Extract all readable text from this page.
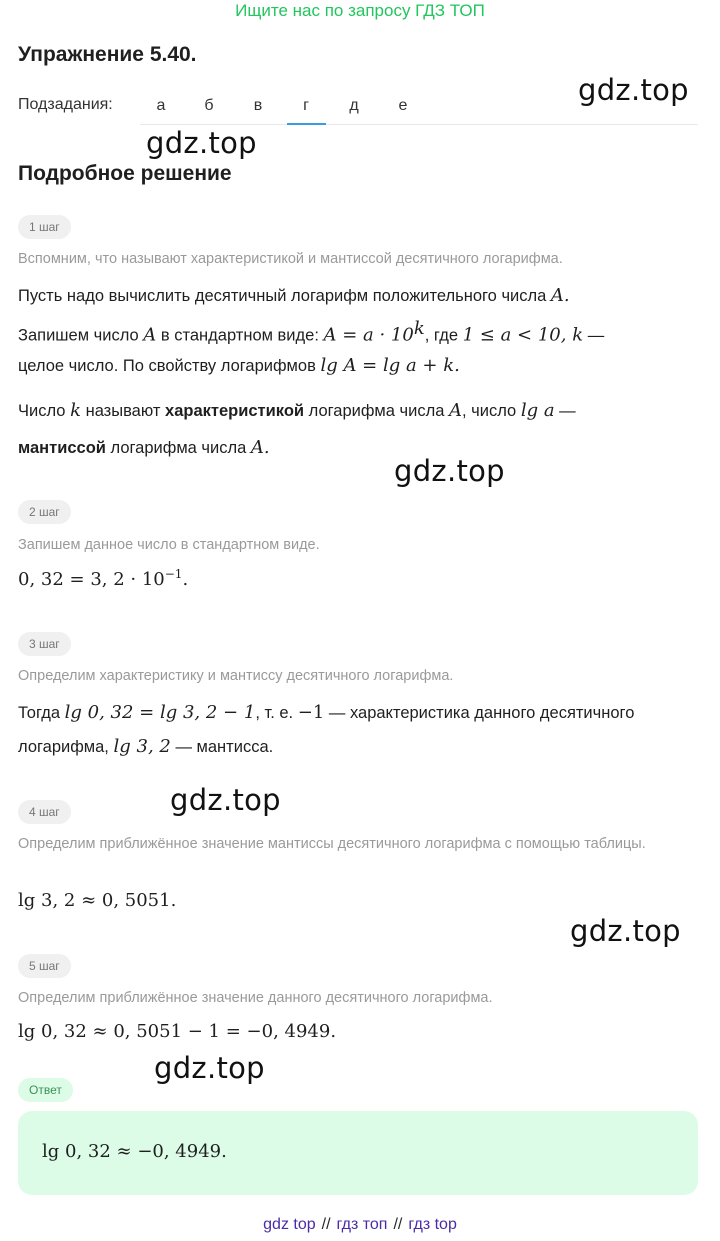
Ищите нас по запросу ГДЗ ТОП
Упражнение 5.40.
Подзадания:	а	б	в	г	д	е	gdz.top
gdz.top
gdz.top
gdz.top
gdz.top
gdz.top
Подробное решение
1 шаг
Вспомним, что называют характеристикой и мантиссой десятичного логарифма.
Пусть надо вычислить десятичный логарифм положительного числа A.
Запишем число A в стандартном виде: $A = a \cdot 10^k$, где 1 ≤ a < 10, k —
целое число. По свойству логарифмов lg A = lg a + k.
Число k называют характеристикой логарифма числа A, число lg a —
мантиссой логарифма числа A.
2 шаг
Запишем данное число в стандартном виде.
0, 32 = 3, $2 \cdot 10^{-1}$.
3 шаг
Определим характеристику и мантиссу десятичного логарифма.
Тогда lg 0, 32 = lg 3, 2 − 1, т. е. −1 — характеристика данного десятичного
логарифма, lg 3, 2 — мантисса.
4 шаг
Определим приближённое значение мантиссы десятичного логарифма с помощью таблицы.
lg 3, 2 ≈ 0, 5051.
5 шаг
Определим приближённое значение данного десятичного логарифма.
lg 0, 32 ≈ 0, 5051 − 1 = −0, 4949.
Ответ
lg 0, 32 ≈ −0, 4949.
gdz top // гдз топ // гдз top
